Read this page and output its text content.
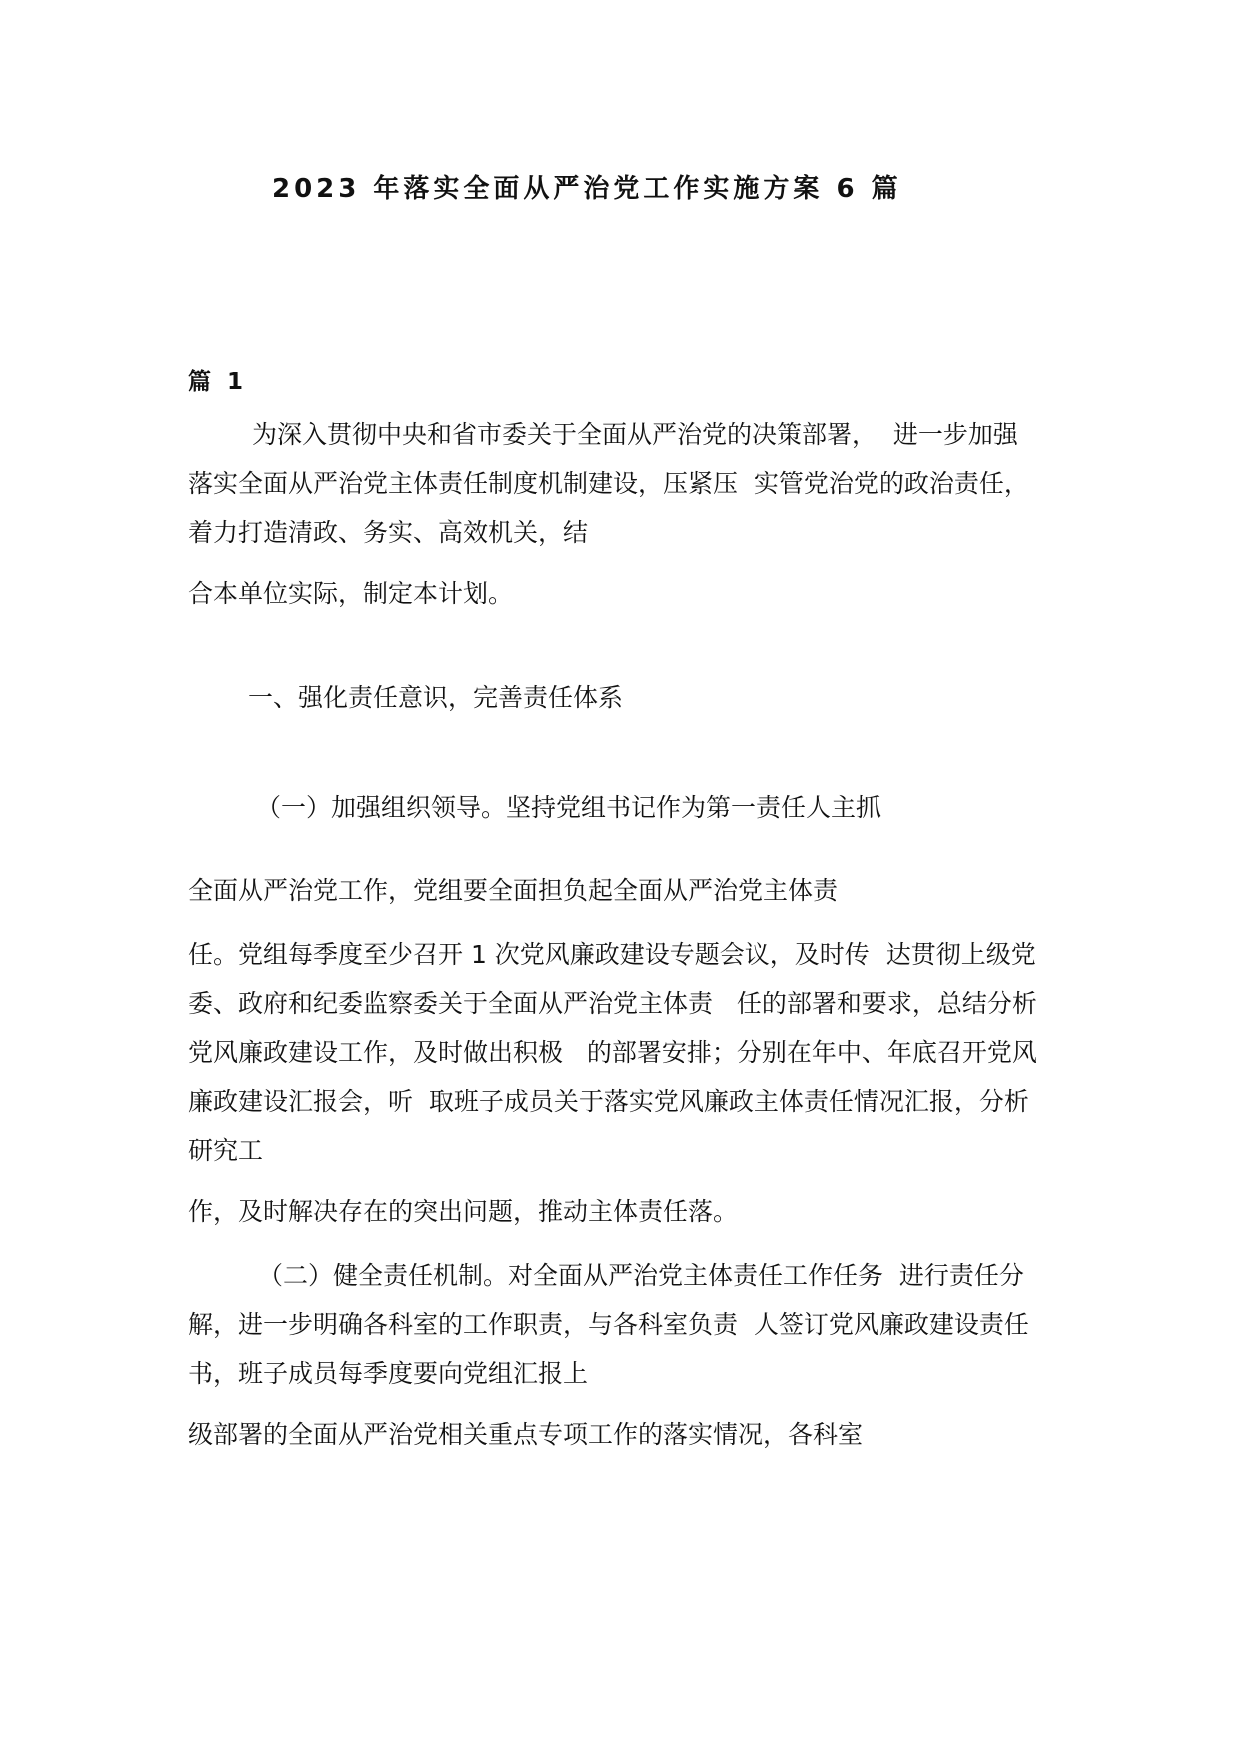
2023 年落实全面从严治党工作实施方案 6 篇
篇 1
为深入贯彻中央和省市委关于全面从严治党的决策部署，  进一步加强
落实全面从严治党主体责任制度机制建设，压紧压  实管党治党的政治责任，
着力打造清政、务实、高效机关，结
合本单位实际，制定本计划。
一、强化责任意识，完善责任体系
（一）加强组织领导。坚持党组书记作为第一责任人主抓
全面从严治党工作，党组要全面担负起全面从严治党主体责
任。党组每季度至少召开 1 次党风廉政建设专题会议，及时传  达贯彻上级党
委、政府和纪委监察委关于全面从严治党主体责   任的部署和要求，总结分析
党风廉政建设工作，及时做出积极   的部署安排；分别在年中、年底召开党风
廉政建设汇报会，听  取班子成员关于落实党风廉政主体责任情况汇报，分析
研究工
作，及时解决存在的突出问题，推动主体责任落。
（二）健全责任机制。对全面从严治党主体责任工作任务  进行责任分
解，进一步明确各科室的工作职责，与各科室负责  人签订党风廉政建设责任
书，班子成员每季度要向党组汇报上
级部署的全面从严治党相关重点专项工作的落实情况，各科室
